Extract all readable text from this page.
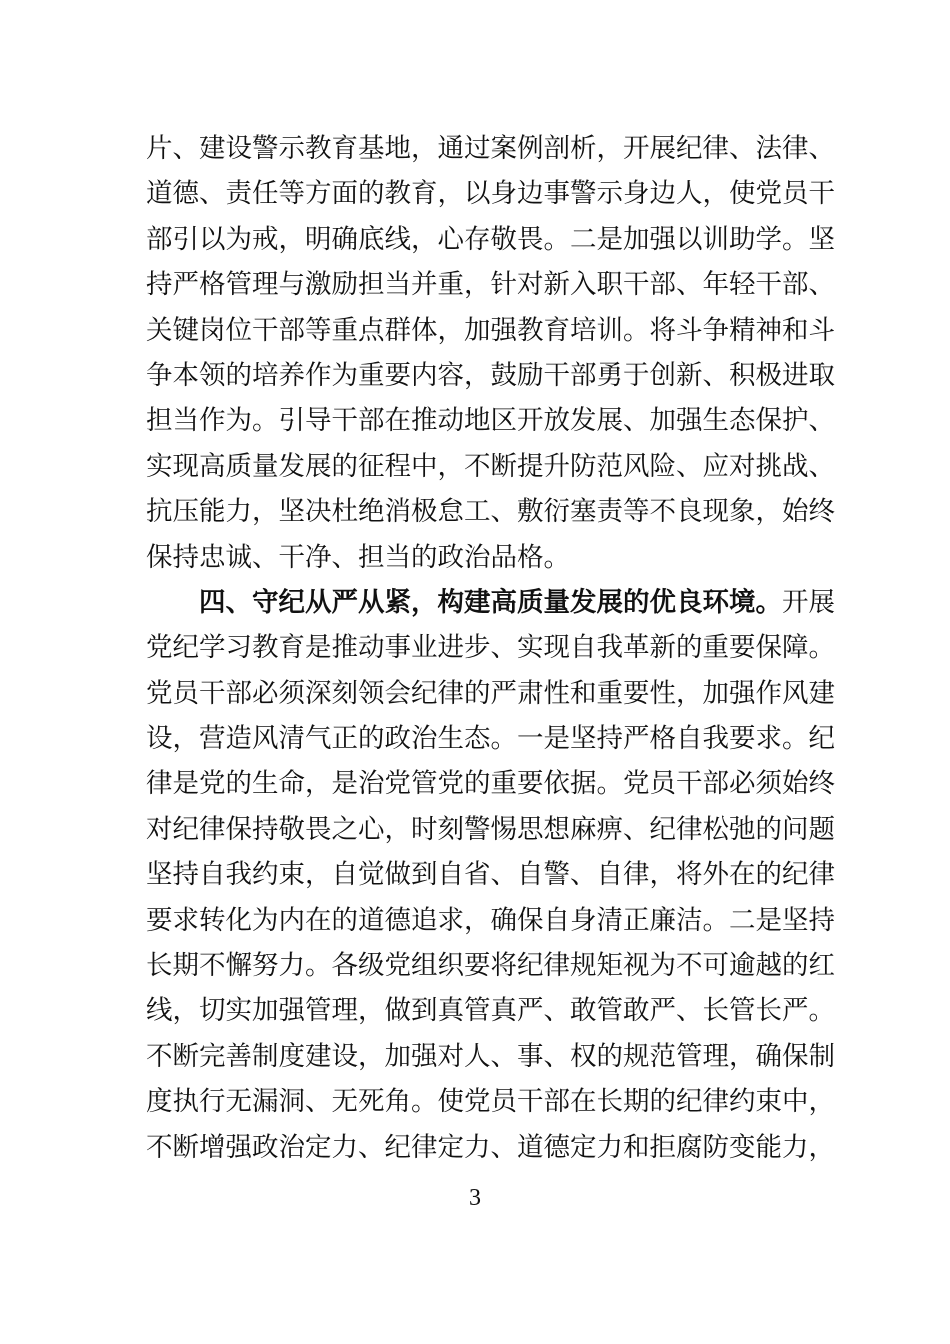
片、建设警示教育基地，通过案例剖析，开展纪律、法律、
道德、责任等方面的教育，以身边事警示身边人，使党员干
部引以为戒，明确底线，心存敬畏。二是加强以训助学。坚
持严格管理与激励担当并重，针对新入职干部、年轻干部、
关键岗位干部等重点群体，加强教育培训。将斗争精神和斗
争本领的培养作为重要内容，鼓励干部勇于创新、积极进取
担当作为。引导干部在推动地区开放发展、加强生态保护、
实现高质量发展的征程中，不断提升防范风险、应对挑战、
抗压能力，坚决杜绝消极怠工、敷衍塞责等不良现象，始终
保持忠诚、干净、担当的政治品格。
四、守纪从严从紧，构建高质量发展的优良环境。开展
党纪学习教育是推动事业进步、实现自我革新的重要保障。
党员干部必须深刻领会纪律的严肃性和重要性，加强作风建
设，营造风清气正的政治生态。一是坚持严格自我要求。纪
律是党的生命，是治党管党的重要依据。党员干部必须始终
对纪律保持敬畏之心，时刻警惕思想麻痹、纪律松弛的问题
坚持自我约束，自觉做到自省、自警、自律，将外在的纪律
要求转化为内在的道德追求，确保自身清正廉洁。二是坚持
长期不懈努力。各级党组织要将纪律规矩视为不可逾越的红
线，切实加强管理，做到真管真严、敢管敢严、长管长严。
不断完善制度建设，加强对人、事、权的规范管理，确保制
度执行无漏洞、无死角。使党员干部在长期的纪律约束中，
不断增强政治定力、纪律定力、道德定力和拒腐防变能力，
3
